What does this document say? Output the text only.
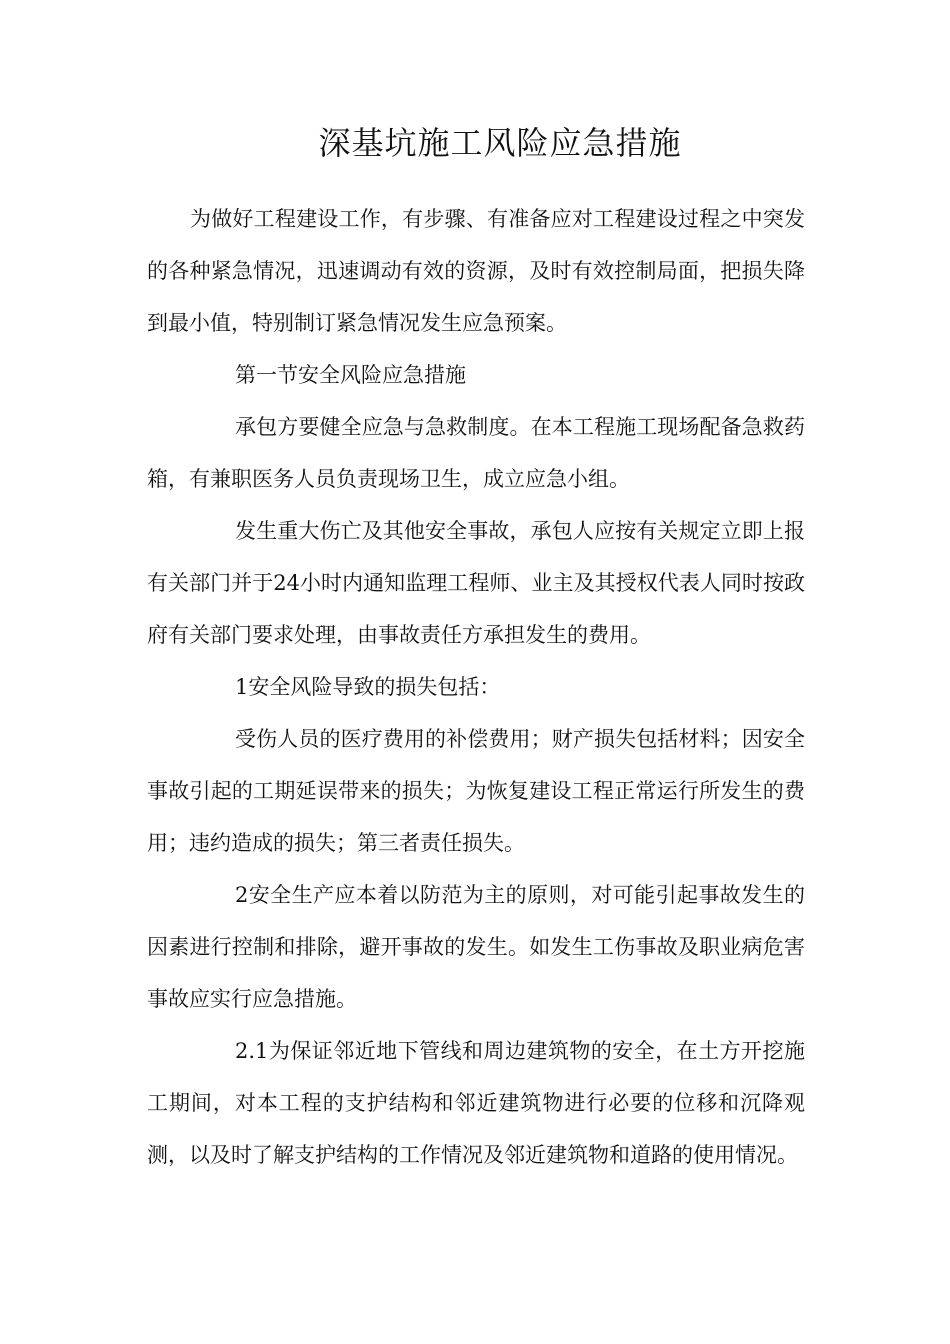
深基坑施工风险应急措施

为做好工程建设工作，有步骤、有准备应对工程建设过程之中突发的各种紧急情况，迅速调动有效的资源，及时有效控制局面，把损失降到最小值，特别制订紧急情况发生应急预案。

第一节安全风险应急措施

承包方要健全应急与急救制度。在本工程施工现场配备急救药箱，有兼职医务人员负责现场卫生，成立应急小组。

发生重大伤亡及其他安全事故，承包人应按有关规定立即上报有关部门并于24小时内通知监理工程师、业主及其授权代表人同时按政府有关部门要求处理，由事故责任方承担发生的费用。

1安全风险导致的损失包括：

受伤人员的医疗费用的补偿费用；财产损失包括材料；因安全事故引起的工期延误带来的损失；为恢复建设工程正常运行所发生的费用；违约造成的损失；第三者责任损失。

2安全生产应本着以防范为主的原则，对可能引起事故发生的因素进行控制和排除，避开事故的发生。如发生工伤事故及职业病危害事故应实行应急措施。

2.1为保证邻近地下管线和周边建筑物的安全，在土方开挖施工期间，对本工程的支护结构和邻近建筑物进行必要的位移和沉降观测，以及时了解支护结构的工作情况及邻近建筑物和道路的使用情况。
